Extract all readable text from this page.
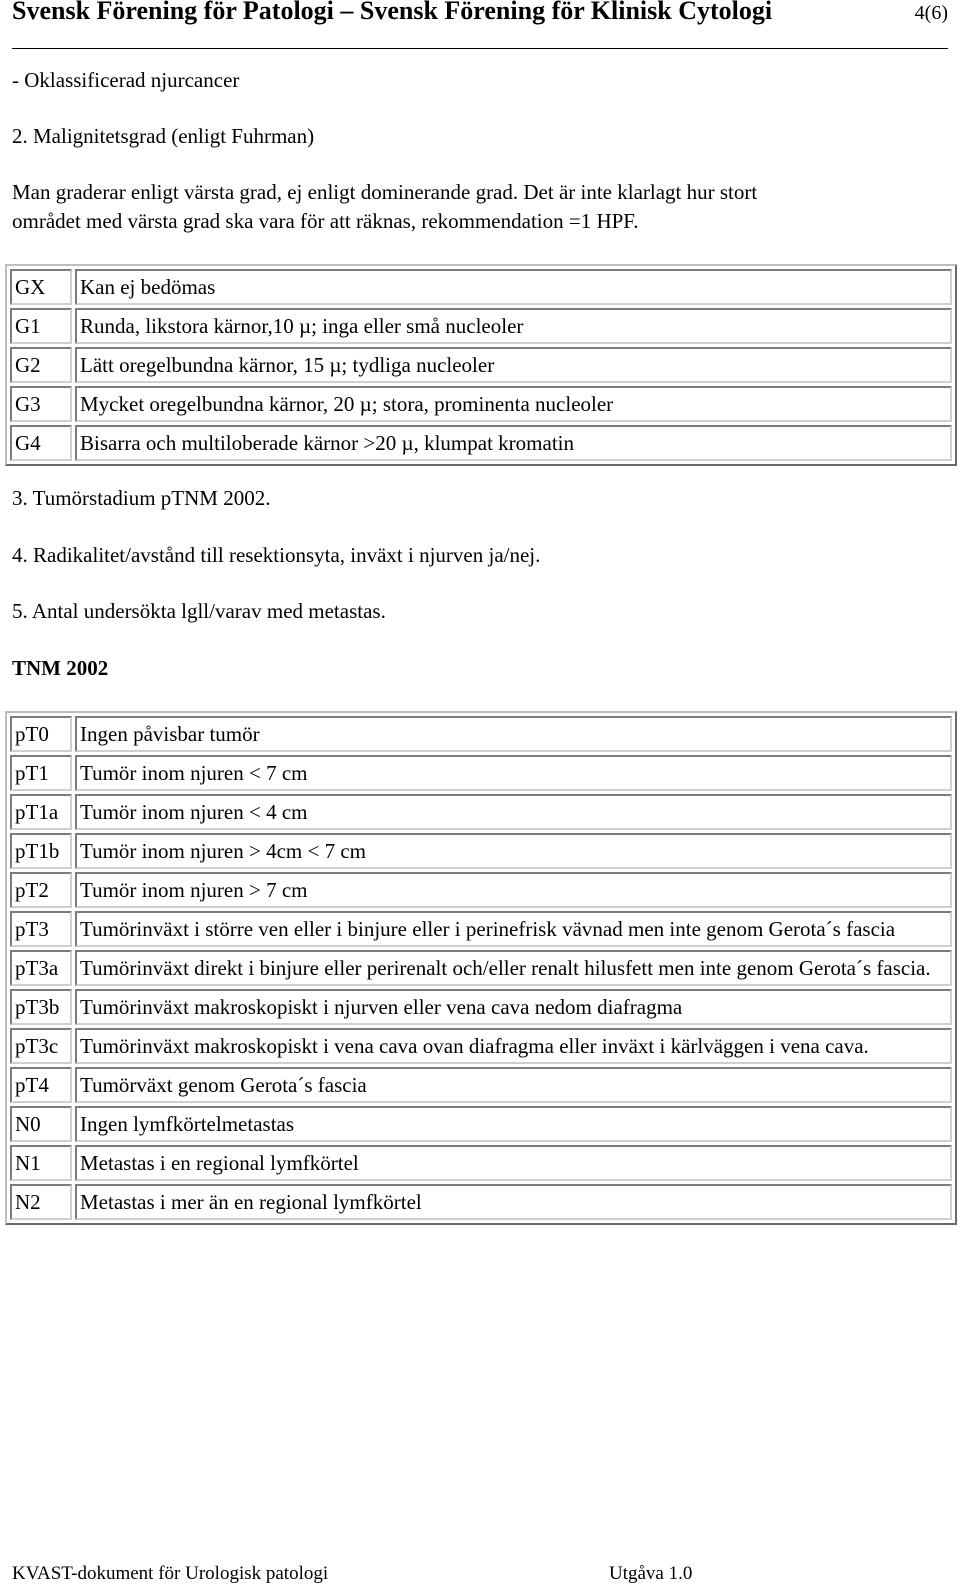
Svensk Förening för Patologi – Svensk Förening för Klinisk Cytologi	4(6)
- Oklassificerad njurcancer
2. Malignitetsgrad (enligt Fuhrman)
Man graderar enligt värsta grad, ej enligt dominerande grad. Det är inte klarlagt hur stort
området med värsta grad ska vara för att räknas, rekommendation =1 HPF.
GX	Kan ej bedömas
G1	Runda, likstora kärnor,10 µ; inga eller små nucleoler
G2	Lätt oregelbundna kärnor, 15 µ; tydliga nucleoler
G3	Mycket oregelbundna kärnor, 20 µ; stora, prominenta nucleoler
G4	Bisarra och multiloberade kärnor >20 µ, klumpat kromatin
3. Tumörstadium pTNM 2002.
4. Radikalitet/avstånd till resektionsyta, inväxt i njurven ja/nej.
5. Antal undersökta lgll/varav med metastas.
TNM 2002
pT0	Ingen påvisbar tumör
pT1	Tumör inom njuren < 7 cm
pT1a	Tumör inom njuren < 4 cm
pT1b	Tumör inom njuren > 4cm < 7 cm
pT2	Tumör inom njuren > 7 cm
pT3	Tumörinväxt i större ven eller i binjure eller i perinefrisk vävnad men inte genom Gerota´s fascia
pT3a	Tumörinväxt direkt i binjure eller perirenalt och/eller renalt hilusfett men inte genom Gerota´s fascia.
pT3b	Tumörinväxt makroskopiskt i njurven eller vena cava nedom diafragma
pT3c	Tumörinväxt makroskopiskt i vena cava ovan diafragma eller inväxt i kärlväggen i vena cava.
pT4	Tumörväxt genom Gerota´s fascia
N0	Ingen lymfkörtelmetastas
N1	Metastas i en regional lymfkörtel
N2	Metastas i mer än en regional lymfkörtel
KVAST-dokument för Urologisk patologi	Utgåva 1.0
